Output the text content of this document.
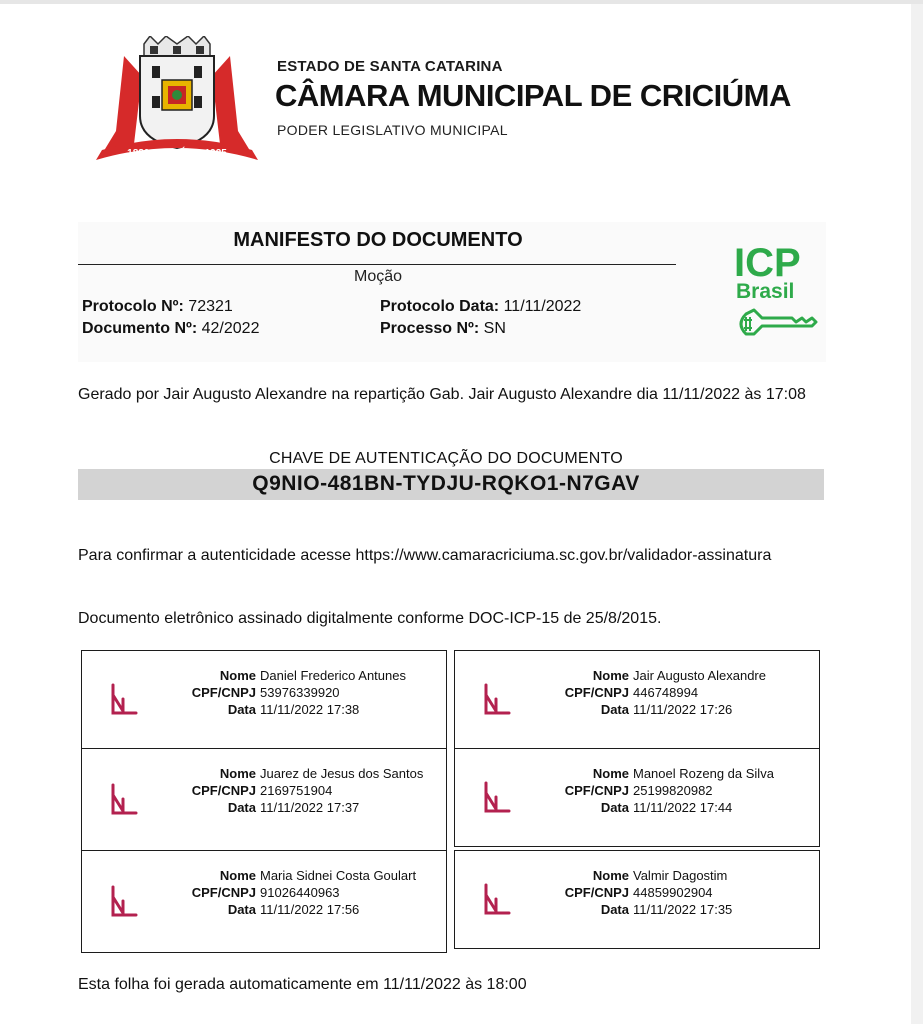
1880 CRICIÚMA 1925
ESTADO DE SANTA CATARINA
CÂMARA MUNICIPAL DE CRICIÚMA
PODER LEGISLATIVO MUNICIPAL
MANIFESTO DO DOCUMENTO
Moção
Protocolo Nº: 72321	Protocolo Data: 11/11/2022
Documento Nº: 42/2022	Processo Nº: SN
ICP
Brasil
Gerado por Jair Augusto Alexandre na repartição Gab. Jair Augusto Alexandre dia 11/11/2022 às 17:08
CHAVE DE AUTENTICAÇÃO DO DOCUMENTO
Q9NIO-481BN-TYDJU-RQKO1-N7GAV
Para confirmar a autenticidade acesse https://www.camaracriciuma.sc.gov.br/validador-assinatura
Documento eletrônico assinado digitalmente conforme DOC-ICP-15 de 25/8/2015.
Nome Daniel Frederico Antunes
CPF/CNPJ 53976339920
Data 11/11/2022 17:38
Nome Jair Augusto Alexandre
CPF/CNPJ 446748994
Data 11/11/2022 17:26
Nome Juarez de Jesus dos Santos
CPF/CNPJ 2169751904
Data 11/11/2022 17:37
Nome Manoel Rozeng da Silva
CPF/CNPJ 25199820982
Data 11/11/2022 17:44
Nome Maria Sidnei Costa Goulart
CPF/CNPJ 91026440963
Data 11/11/2022 17:56
Nome Valmir Dagostim
CPF/CNPJ 44859902904
Data 11/11/2022 17:35
Esta folha foi gerada automaticamente em 11/11/2022 às 18:00
